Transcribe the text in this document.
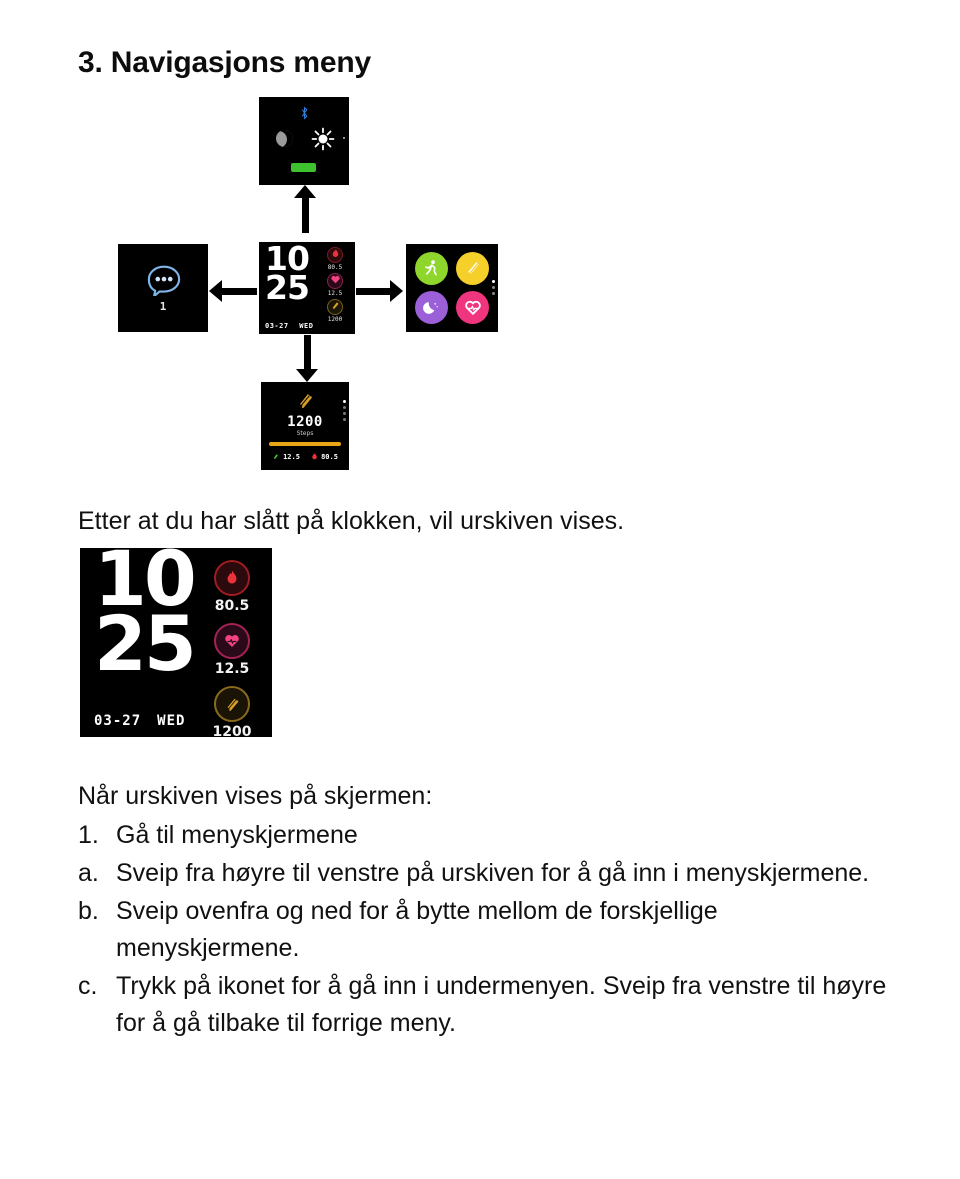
3. Navigasjons meny
1
10
25
03-27 WED
80.5
12.5
1200
1200
Steps
12.5	80.5
Etter at du har slått på klokken, vil urskiven vises.
10
25
03-27 WED
80.5
12.5
1200

Når urskiven vises på skjermen:

1. Gå til menyskjermene
a. Sveip fra høyre til venstre på urskiven for å gå inn i menyskjermene.
b. Sveip ovenfra og ned for å bytte mellom de forskjellige menyskjermene.
c. Trykk på ikonet for å gå inn i undermenyen. Sveip fra venstre til høyre for å gå tilbake til forrige meny.
